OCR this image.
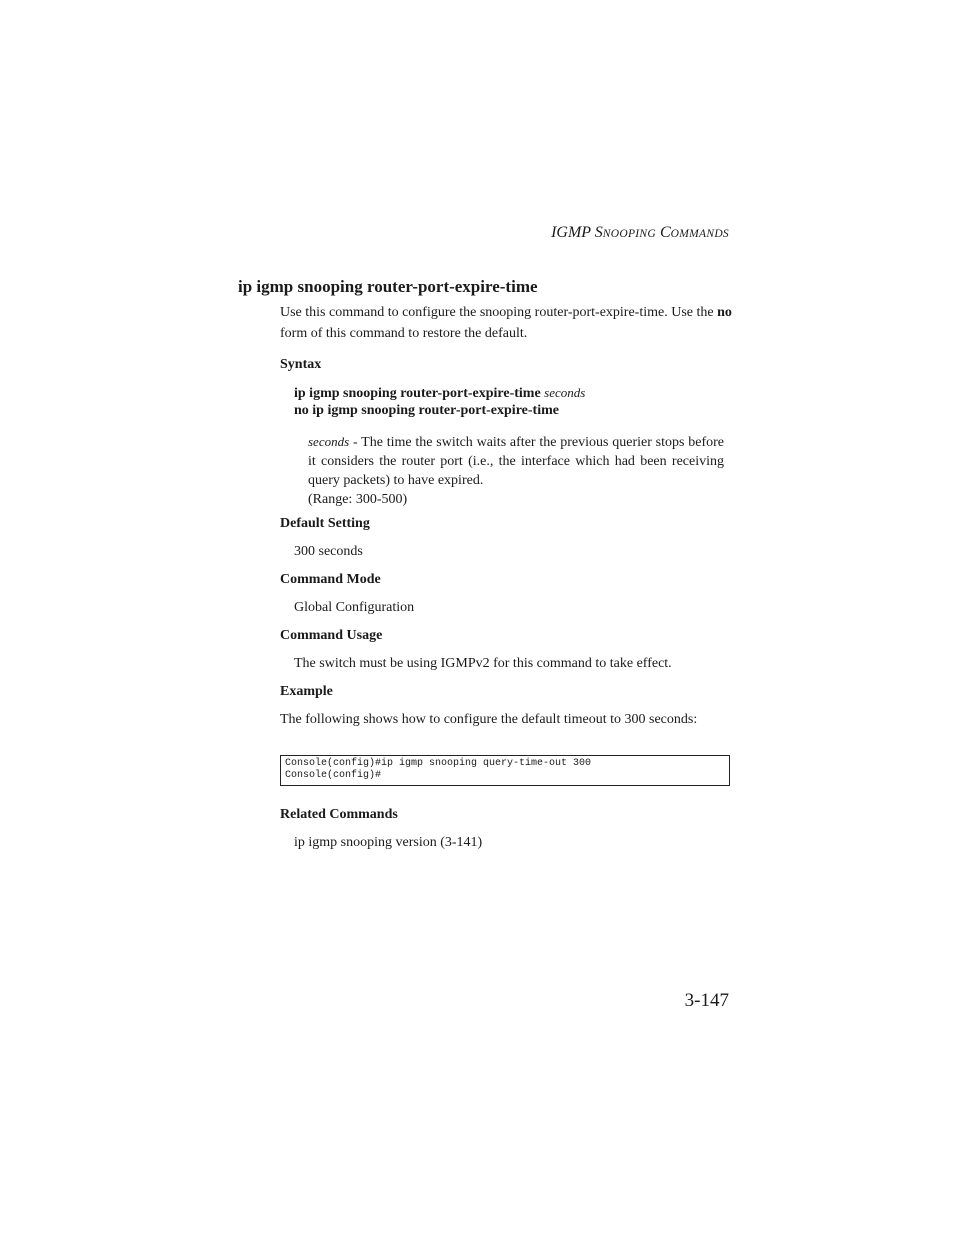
IGMP SNOOPING COMMANDS
ip igmp snooping router-port-expire-time
Use this command to configure the snooping router-port-expire-time. Use the no form of this command to restore the default.
Syntax
ip igmp snooping router-port-expire-time seconds
no ip igmp snooping router-port-expire-time
seconds - The time the switch waits after the previous querier stops before it considers the router port (i.e., the interface which had been receiving query packets) to have expired.
(Range: 300-500)
Default Setting
300 seconds
Command Mode
Global Configuration
Command Usage
The switch must be using IGMPv2 for this command to take effect.
Example
The following shows how to configure the default timeout to 300 seconds:
Console(config)#ip igmp snooping query-time-out 300
Console(config)#
Related Commands
ip igmp snooping version (3-141)
3-147
